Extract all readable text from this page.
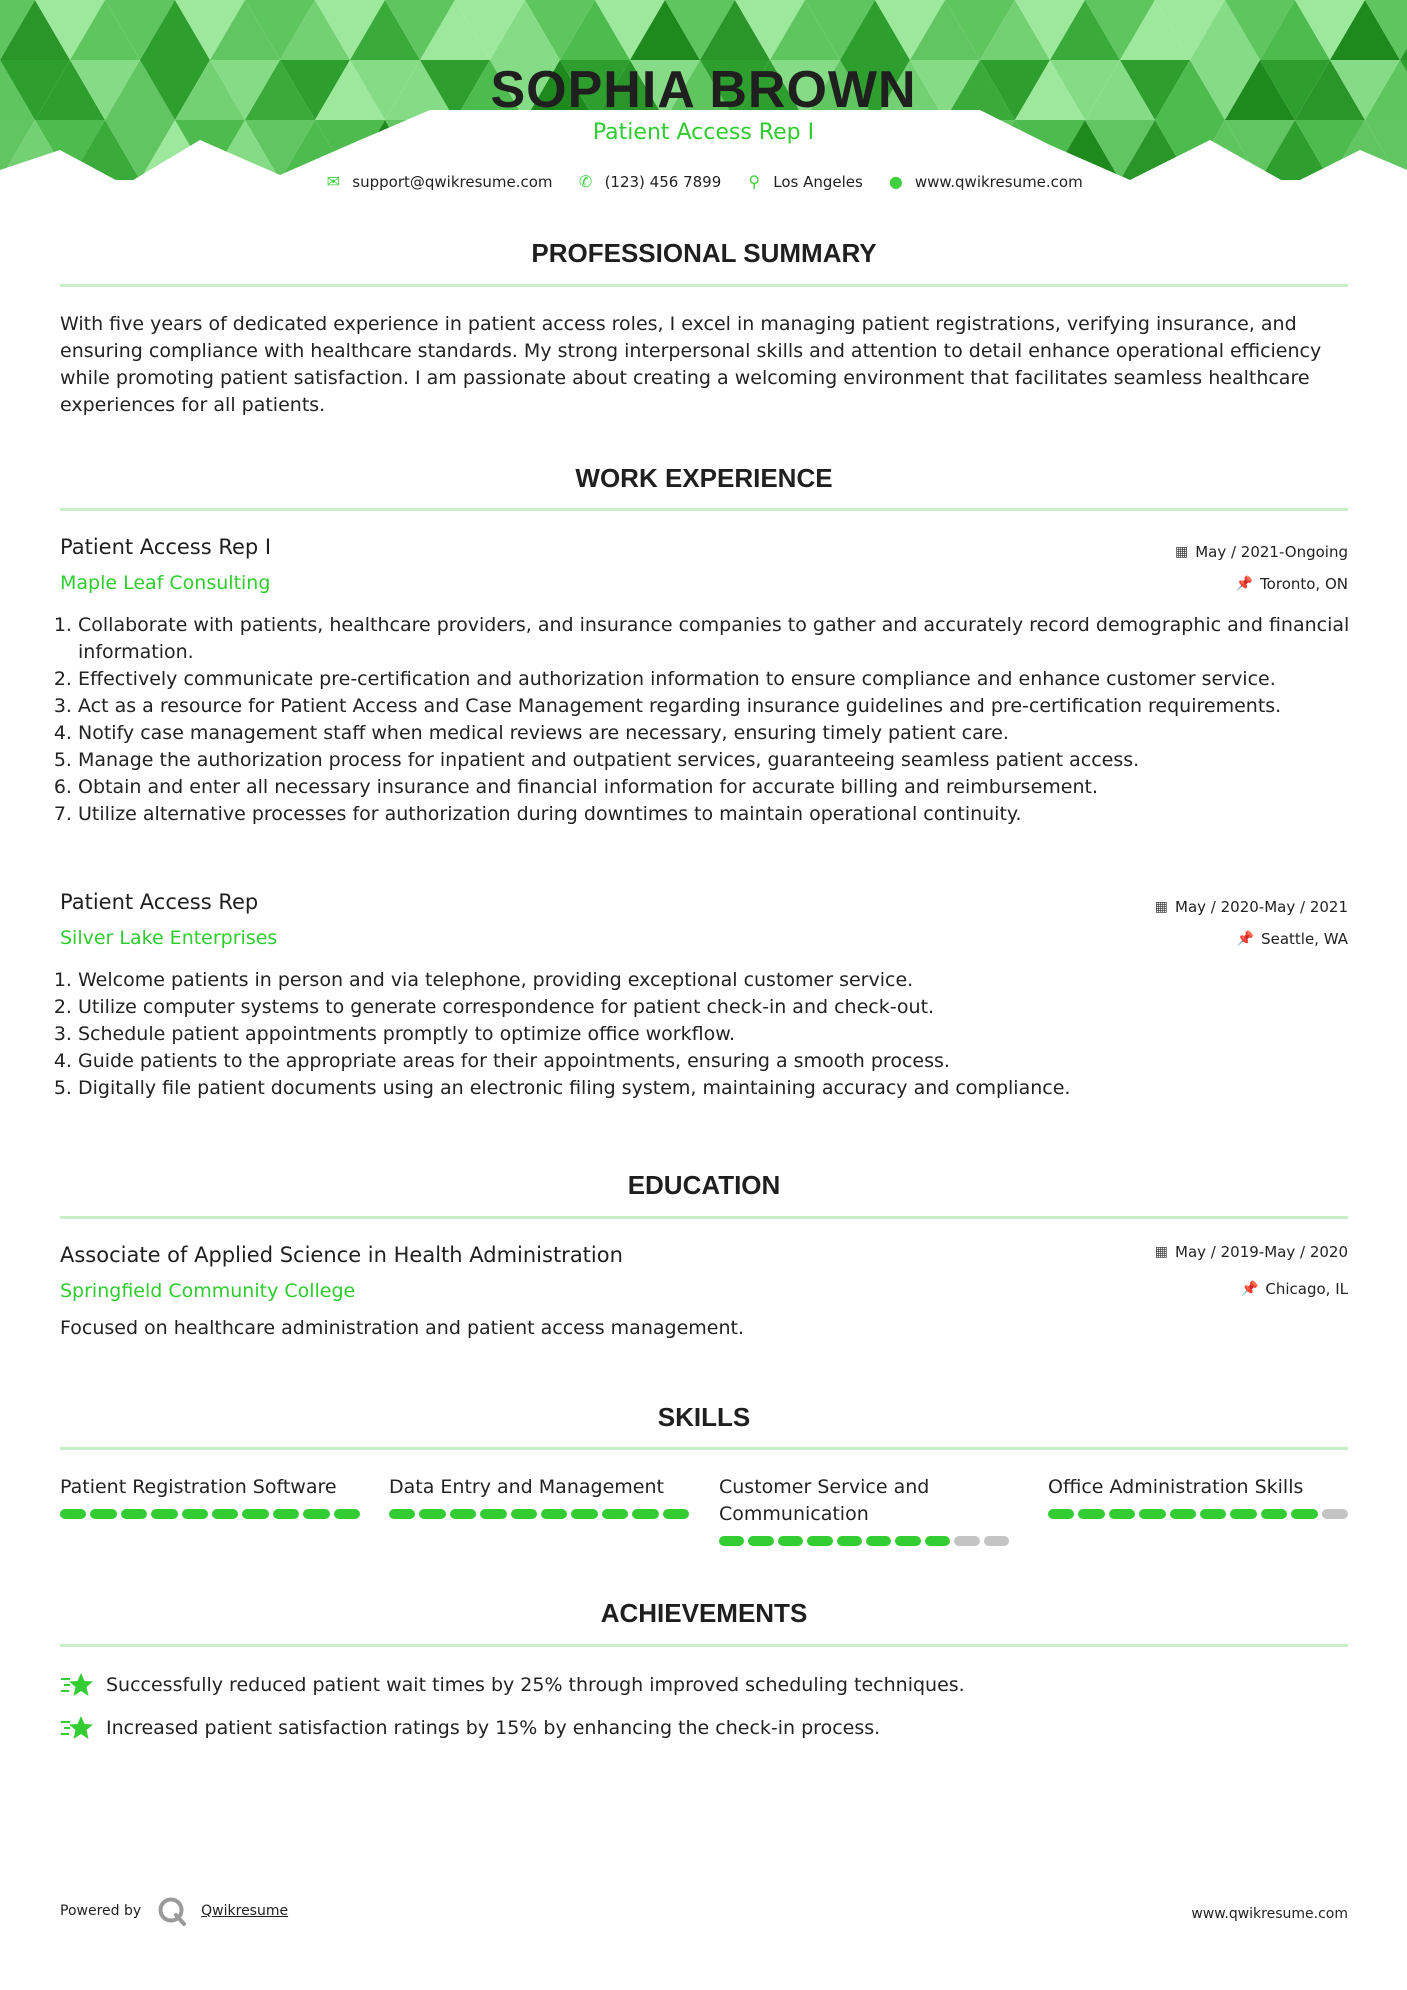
SOPHIA BROWN

Patient Access Rep I

✉ support@qwikresume.com ✆ (123) 456 7899 ⚲ Los Angeles ● www.qwikresume.com
PROFESSIONAL SUMMARY

With five years of dedicated experience in patient access roles, I excel in managing patient registrations, verifying insurance, and ensuring compliance with healthcare standards. My strong interpersonal skills and attention to detail enhance operational efficiency while promoting patient satisfaction. I am passionate about creating a welcoming environment that facilitates seamless healthcare experiences for all patients.

WORK EXPERIENCE

Patient Access Rep I

Maple Leaf Consulting

▦ May / 2021-Ongoing
📌 Toronto, ON
1. Collaborate with patients, healthcare providers, and insurance companies to gather and accurately record demographic and financial information.
2. Effectively communicate pre-certification and authorization information to ensure compliance and enhance customer service.
3. Act as a resource for Patient Access and Case Management regarding insurance guidelines and pre-certification requirements.
4. Notify case management staff when medical reviews are necessary, ensuring timely patient care.
5. Manage the authorization process for inpatient and outpatient services, guaranteeing seamless patient access.
6. Obtain and enter all necessary insurance and financial information for accurate billing and reimbursement.
7. Utilize alternative processes for authorization during downtimes to maintain operational continuity.

Patient Access Rep

Silver Lake Enterprises

▦ May / 2020-May / 2021
📌 Seattle, WA
1. Welcome patients in person and via telephone, providing exceptional customer service.
2. Utilize computer systems to generate correspondence for patient check-in and check-out.
3. Schedule patient appointments promptly to optimize office workflow.
4. Guide patients to the appropriate areas for their appointments, ensuring a smooth process.
5. Digitally file patient documents using an electronic filing system, maintaining accuracy and compliance.
EDUCATION

Associate of Applied Science in Health Administration

Springfield Community College

▦ May / 2019-May / 2020
📌 Chicago, IL

Focused on healthcare administration and patient access management.

SKILLS

Patient Registration Software	Data Entry and Management	Customer Service and Communication

Office Administration Skills

ACHIEVEMENTS

Successfully reduced patient wait times by 25% through improved scheduling techniques.

Increased patient satisfaction ratings by 15% by enhancing the check-in process.

Powered by	Qwikresume	www.qwikresume.com
